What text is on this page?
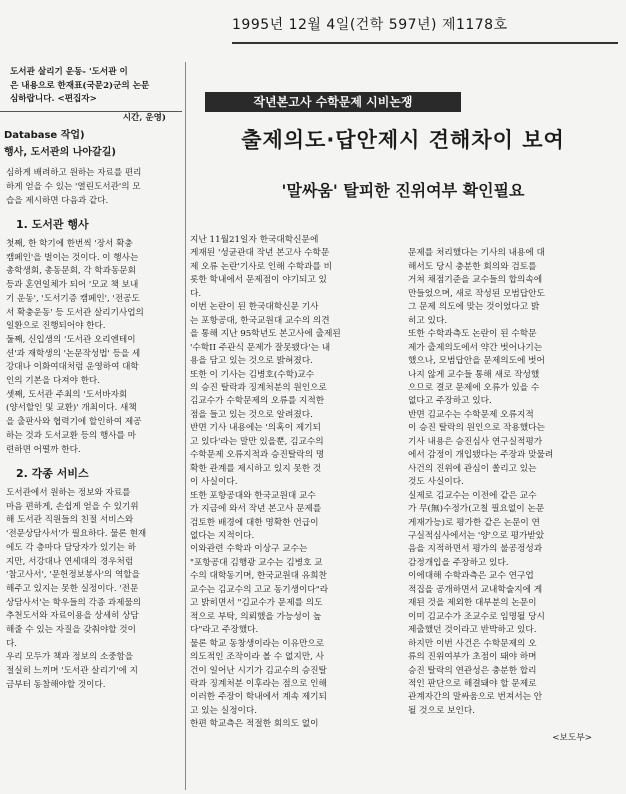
1995년 12월 4일(건학 597년) 제1178호
도서관 살리기 운동- '도서관 이
은 내용으로 한재표(국문2)군의 논문
심하랍니다. <편집자>
시간, 운영)
Database 작업)
행사, 도서관의 나아갈길)
심하게 배려하고 원하는 자료를 편리
하게 얻을 수 있는 '열린도서관'의 모
습을 제시하면 다음과 같다.
1. 도서관 행사
첫째, 한 학기에 한번씩 '장서 확충
캠페인'을 벌이는 것이다. 이 행사는
총학생회, 총동문회, 각 학과동문회
등과 혼연일체가 되어 '모교 책 보내
기 운동', '도서기증 캠페인', '전공도
서 확충운동' 등 도서관 살리기사업의
일환으로 진행되어야 한다.
둘째, 신입생의 '도서관 오리엔테이
션'과 재학생의 '논문작성법' 등을 세
강대나 이화여대처럼 운영하여 대학
인의 기본을 다져야 한다.
셋째, 도서관 주최의 '도서바자회
(양서할인 및 교환)' 개최이다. 새책
을 출판사와 협력기에 할인하여 제공
하는 것과 도서교환 등의 행사를 마
련하면 어떨까 한다.
2. 각종 서비스
도서관에서 원하는 정보와 자료를
마음 편하게, 손쉽게 얻을 수 있기위
해 도서관 직원들의 친절 서비스와
'전문상담사서'가 필요하다. 물론 현재
에도 각 층마다 담당자가 있기는 하
지만, 서강대나 연세대의 경우처럼
'참고사서', '문헌정보봉사'의 역할을
해주고 있지는 못한 실정이다. '전문
상담사서'는 학우들의 각종 과제물의
추천도서와 자료이용을 상세히 상담
해줄 수 있는 자질을 갖춰야할 것이
다.
우리 모두가 책과 정보의 소중함을
절실히 느끼며 '도서관 살리기'에 지
금부터 동참해야할 것이다.
작년본고사 수학문제 시비논쟁
출제의도·답안제시 견해차이 보여
'말싸움' 탈피한 진위여부 확인필요
지난 11월21일자 한국대학신문에
게재된 '성균관대 작년 본고사 수학문
제 오류 논란'기사로 인해 수학과를 비
롯한 학내에서 문제점이 야기되고 있
다.
이번 논란이 된 한국대학신문 기사
는 포항공대, 한국교원대 교수의 의견
을 통해 지난 95학년도 본고사에 출제된
'수학II 주관식 문제가 잘못됐다'는 내
용을 담고 있는 것으로 밝혀졌다.
또한 이 기사는 김병호(수학)교수
의 승진 탈락과 징계처분의 원인으로
김교수가 수학문제의 오류를 지적한
점을 들고 있는 것으로 알려졌다.
반면 기사 내용에는 '의혹이 제기되
고 있다'라는 말만 있을뿐, 김교수의
수학문제 오류지적과 승진탈락의 명
확한 관계를 제시하고 있지 못한 것
이 사실이다.
또한 포항공대와 한국교원대 교수
가 지금에 와서 작년 본고사 문제를
검토한 배경에 대한 명확한 언급이
없다는 지적이다.
이와관련 수학과 이상구 교수는
"포항공대 김행광 교수는 김병호 교
수의 대학동기며, 한국교원대 유희찬
교수는 김교수의 고교 동기생이다"라
고 밝히면서 "김교수가 문제를 의도
적으로 부탁, 의뢰했을 가능성이 높
다"라고 주장했다.
물론 학교 동창생이라는 이유만으로
의도적인 조작이라 볼 수 없지만, 사
건이 일어난 시기가 김교수의 승진탈
락과 징계처분 이후라는 점으로 인해
이러한 주장이 학내에서 계속 제기되
고 있는 실정이다.
한편 학교측은 적절한 회의도 없이

문제를 처리했다는 기사의 내용에 대
해서도 당시 충분한 회의와 검토를
거쳐 채점기준을 교수들의 합의속에
만들었으며, 새로 작성된 모범답안도
그 문제 의도에 맞는 것이었다고 밝
히고 있다.
또한 수학과측도 논란이 된 수학문
제가 출제의도에서 약간 벗어나기는
했으나, 모범답안을 문제의도에 벗어
나지 않게 교수들 통해 새로 작성했
으므로 결코 문제에 오류가 있을 수
없다고 주장하고 있다.
반면 김교수는 수학문제 오류지적
이 승진 탈락의 원인으로 작용했다는
기사 내용은 승진심사 연구실적평가
에서 감정이 개입됐다는 주장과 맞물려
사건의 진위에 관심이 쏠리고 있는
것도 사실이다.
실제로 김교수는 이전에 같은 교수
가 무(無)수정가(고칠 필요없이 논문
게재가능)로 평가한 같은 논문이 연
구실적심사에서는 '양'으로 평가받았
음을 지적하면서 평가의 불공정성과
감정개입을 주장하고 있다.
이에대해 수학과측은 교수 연구업
적집을 공개하면서 교내학술지에 게
재된 것을 제외한 대부분의 논문이
이미 김교수가 조교수로 임명될 당시
제출했던 것이라고 반박하고 있다.
하지만 이번 사건은 수학문제의 오
류의 진위여부가 초점이 돼야 하며
승진 탈락의 연관성은 충분한 합리
적인 판단으로 해결돼야 할 문제로
관계자간의 말싸움으로 번져서는 안
될 것으로 보인다.

<보도부>
